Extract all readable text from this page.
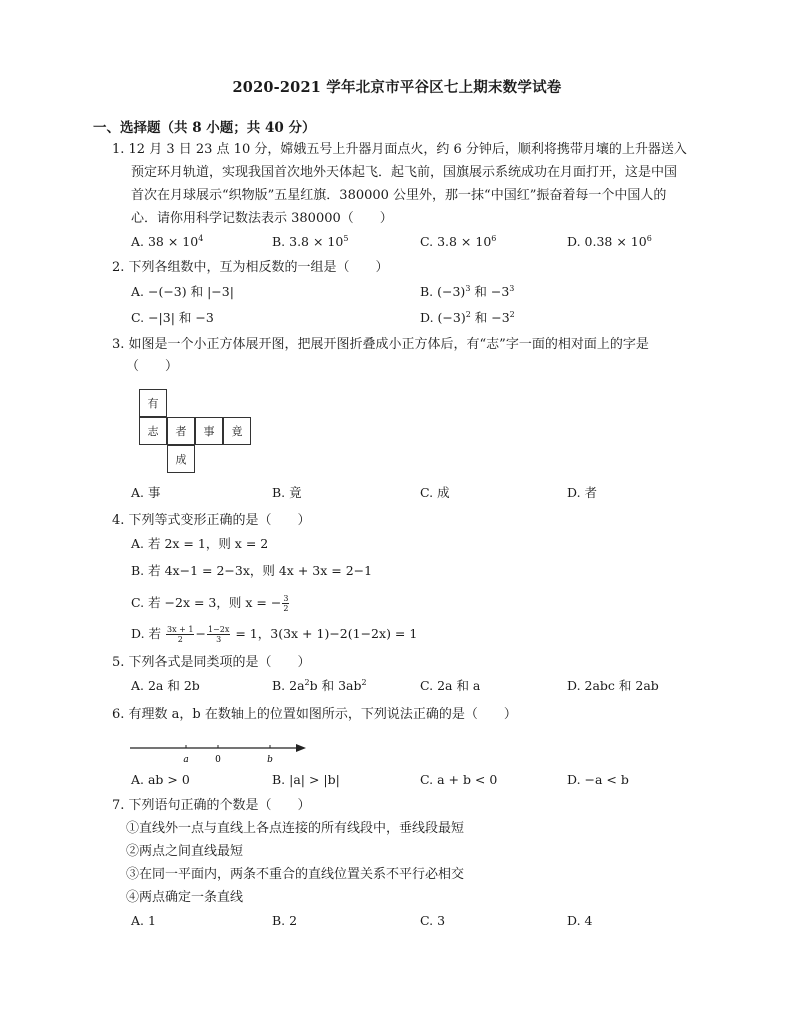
2020-2021 学年北京市平谷区七上期末数学试卷
一、选择题（共 8 小题；共 40 分）
1. 12 月 3 日 23 点 10 分，嫦娥五号上升器月面点火，约 6 分钟后，顺利将携带月壤的上升器送入
预定环月轨道，实现我国首次地外天体起飞．起飞前，国旗展示系统成功在月面打开，这是中国
首次在月球展示“织物版”五星红旗．380000 公里外，那一抹“中国红”振奋着每一个中国人的
心．请你用科学记数法表示 380000（　　）
A. $38 \times 10^4$	B. $3.8 \times 10^5$	C. $3.8 \times 10^6$	D. $0.38 \times 10^6$
2. 下列各组数中，互为相反数的一组是（　　）
A. −(−3) 和 |−3|	B. $(-3)^3$ 和 $-3^3$
C. −|3| 和 −3	D. $(-3)^2$ 和 $-3^2$
3. 如图是一个小正方体展开图，把展开图折叠成小正方体后，有“志”字一面的相对面上的字是
（　　）
有
志	者	事	竟
成
A. 事	B. 竟	C. 成	D. 者
4. 下列等式变形正确的是（　　）
A. 若 2x = 1，则 x = 2
B. 若 4x−1 = 2−3x，则 4x + 3x = 2−1
C. 若 −2x = 3，则 x = − $\frac{3}{2}$
D. 若 $\frac{3x + 1}{2} - \frac{1-2x}{3} = 1$，3(3x + 1)−2(1−2x) = 1
5. 下列各式是同类项的是（　　）
A. 2a 和 2b	B. $2a^2b$ 和 $3ab^2$	C. 2a 和 a	D. 2abc 和 2ab
6. 有理数 a，b 在数轴上的位置如图所示，下列说法正确的是（　　）
a	0	b
A. ab > 0	B. |a| > |b|	C. a + b < 0	D. −a < b
7. 下列语句正确的个数是（　　）
①直线外一点与直线上各点连接的所有线段中，垂线段最短
②两点之间直线最短
③在同一平面内，两条不重合的直线位置关系不平行必相交
④两点确定一条直线
A. 1	B. 2	C. 3	D. 4
